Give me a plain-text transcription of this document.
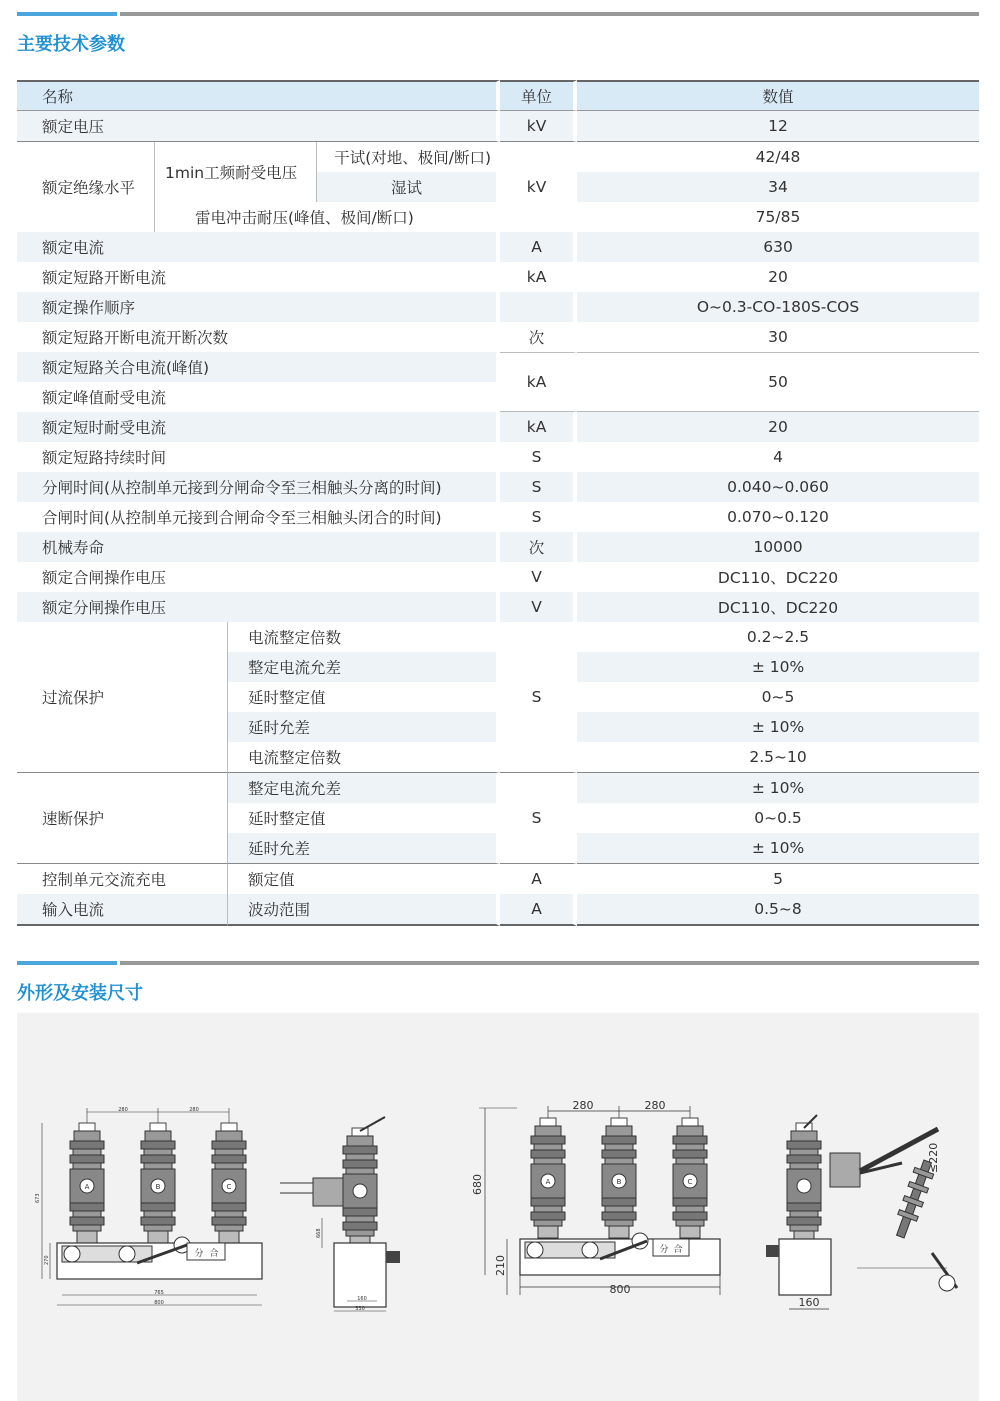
主要技术参数
名称				单位	数值
额定电压				kV	12
额定绝缘水平	1min工频耐受电压		干试(对地、极间/断口)	kV	42/48
			湿试		34
	雷电冲击耐压(峰值、极间/断口)				75/85
额定电流				A	630
额定短路开断电流				kA	20
额定操作顺序					O~0.3-CO-180S-COS
额定短路开断电流开断次数				次	30
额定短路关合电流(峰值)				kA	50
额定峰值耐受电流					
额定短时耐受电流				kA	20
额定短路持续时间				S	4
分闸时间(从控制单元接到分闸命令至三相触头分离的时间)				S	0.040~0.060
合闸时间(从控制单元接到合闸命令至三相触头闭合的时间)				S	0.070~0.120
机械寿命				次	10000
额定合闸操作电压				V	DC110、DC220
额定分闸操作电压				V	DC110、DC220
过流保护		电流整定倍数		S	0.2~2.5
		整定电流允差			± 10%
		延时整定值			0~5
		延时允差			± 10%
		电流整定倍数			2.5~10
速断保护		整定电流允差		S	± 10%
		延时整定值			0~0.5
		延时允差			± 10%
控制单元交流充电		额定值		A	5
输入电流		波动范围		A	0.5~8
外形及安装尺寸
280	280
A	B	C
分 合
673
270
765
800
668
160
330
280	280
A	B	C
分 合
680
210
800
≤220
160
